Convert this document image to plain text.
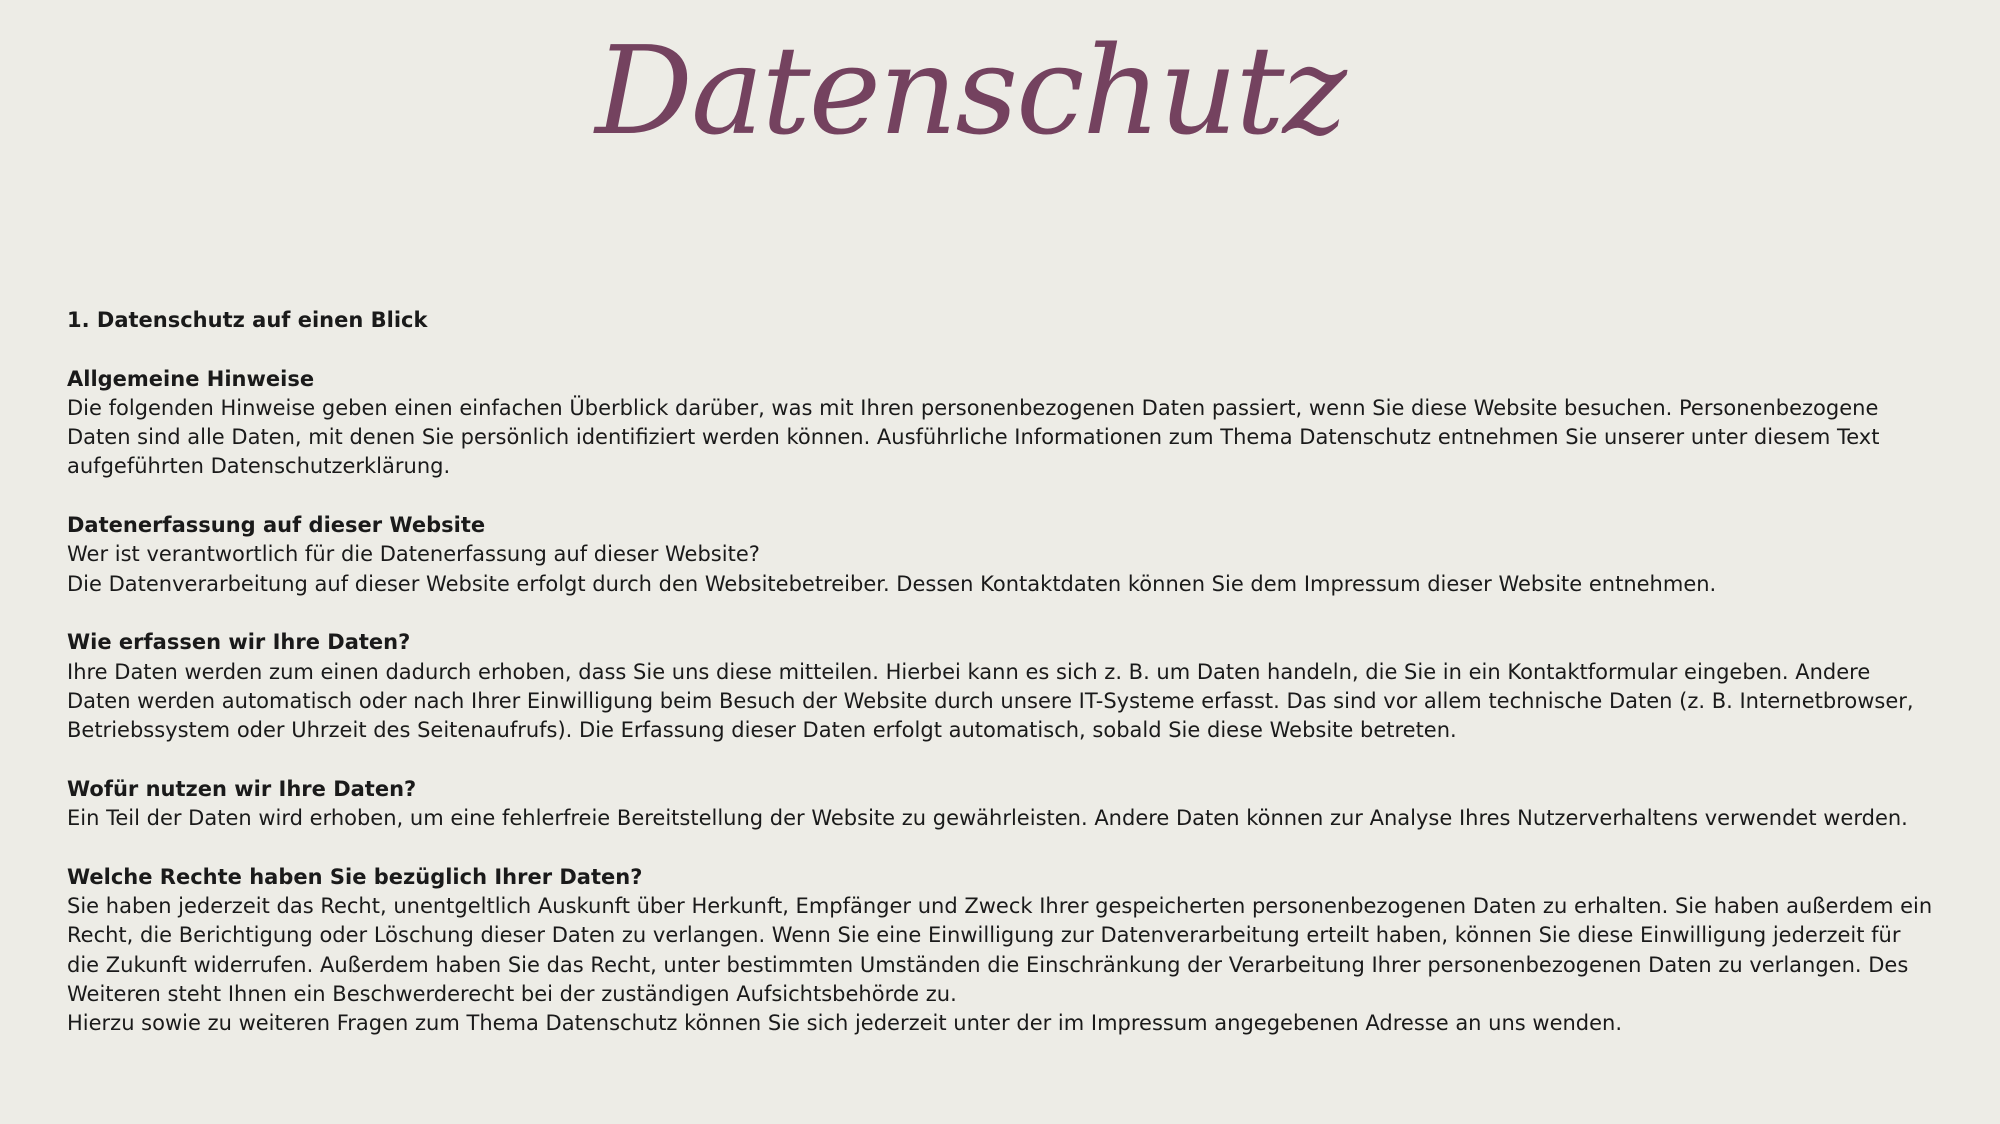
Datenschutz
1. Datenschutz auf einen Blick
Allgemeine Hinweise

Die folgenden Hinweise geben einen einfachen Überblick darüber, was mit Ihren personenbezogenen Daten passiert, wenn Sie diese Website besuchen. Personenbezogene Daten sind alle Daten, mit denen Sie persönlich identifiziert werden können. Ausführliche Informationen zum Thema Datenschutz entnehmen Sie unserer unter diesem Text aufgeführten Datenschutzerklärung.

Datenerfassung auf dieser Website

Wer ist verantwortlich für die Datenerfassung auf dieser Website?

Die Datenverarbeitung auf dieser Website erfolgt durch den Websitebetreiber. Dessen Kontaktdaten können Sie dem Impressum dieser Website entnehmen.

Wie erfassen wir Ihre Daten?

Ihre Daten werden zum einen dadurch erhoben, dass Sie uns diese mitteilen. Hierbei kann es sich z. B. um Daten handeln, die Sie in ein Kontaktformular eingeben. Andere Daten werden automatisch oder nach Ihrer Einwilligung beim Besuch der Website durch unsere IT-Systeme erfasst. Das sind vor allem technische Daten (z. B. Internetbrowser, Betriebssystem oder Uhrzeit des Seitenaufrufs). Die Erfassung dieser Daten erfolgt automatisch, sobald Sie diese Website betreten.

Wofür nutzen wir Ihre Daten?

Ein Teil der Daten wird erhoben, um eine fehlerfreie Bereitstellung der Website zu gewährleisten. Andere Daten können zur Analyse Ihres Nutzerverhaltens verwendet werden.

Welche Rechte haben Sie bezüglich Ihrer Daten?

Sie haben jederzeit das Recht, unentgeltlich Auskunft über Herkunft, Empfänger und Zweck Ihrer gespeicherten personenbezogenen Daten zu erhalten. Sie haben außerdem ein Recht, die Berichtigung oder Löschung dieser Daten zu verlangen. Wenn Sie eine Einwilligung zur Datenverarbeitung erteilt haben, können Sie diese Einwilligung jederzeit für die Zukunft widerrufen. Außerdem haben Sie das Recht, unter bestimmten Umständen die Einschränkung der Verarbeitung Ihrer personenbezogenen Daten zu verlangen. Des Weiteren steht Ihnen ein Beschwerderecht bei der zuständigen Aufsichtsbehörde zu.

Hierzu sowie zu weiteren Fragen zum Thema Datenschutz können Sie sich jederzeit unter der im Impressum angegebenen Adresse an uns wenden.
